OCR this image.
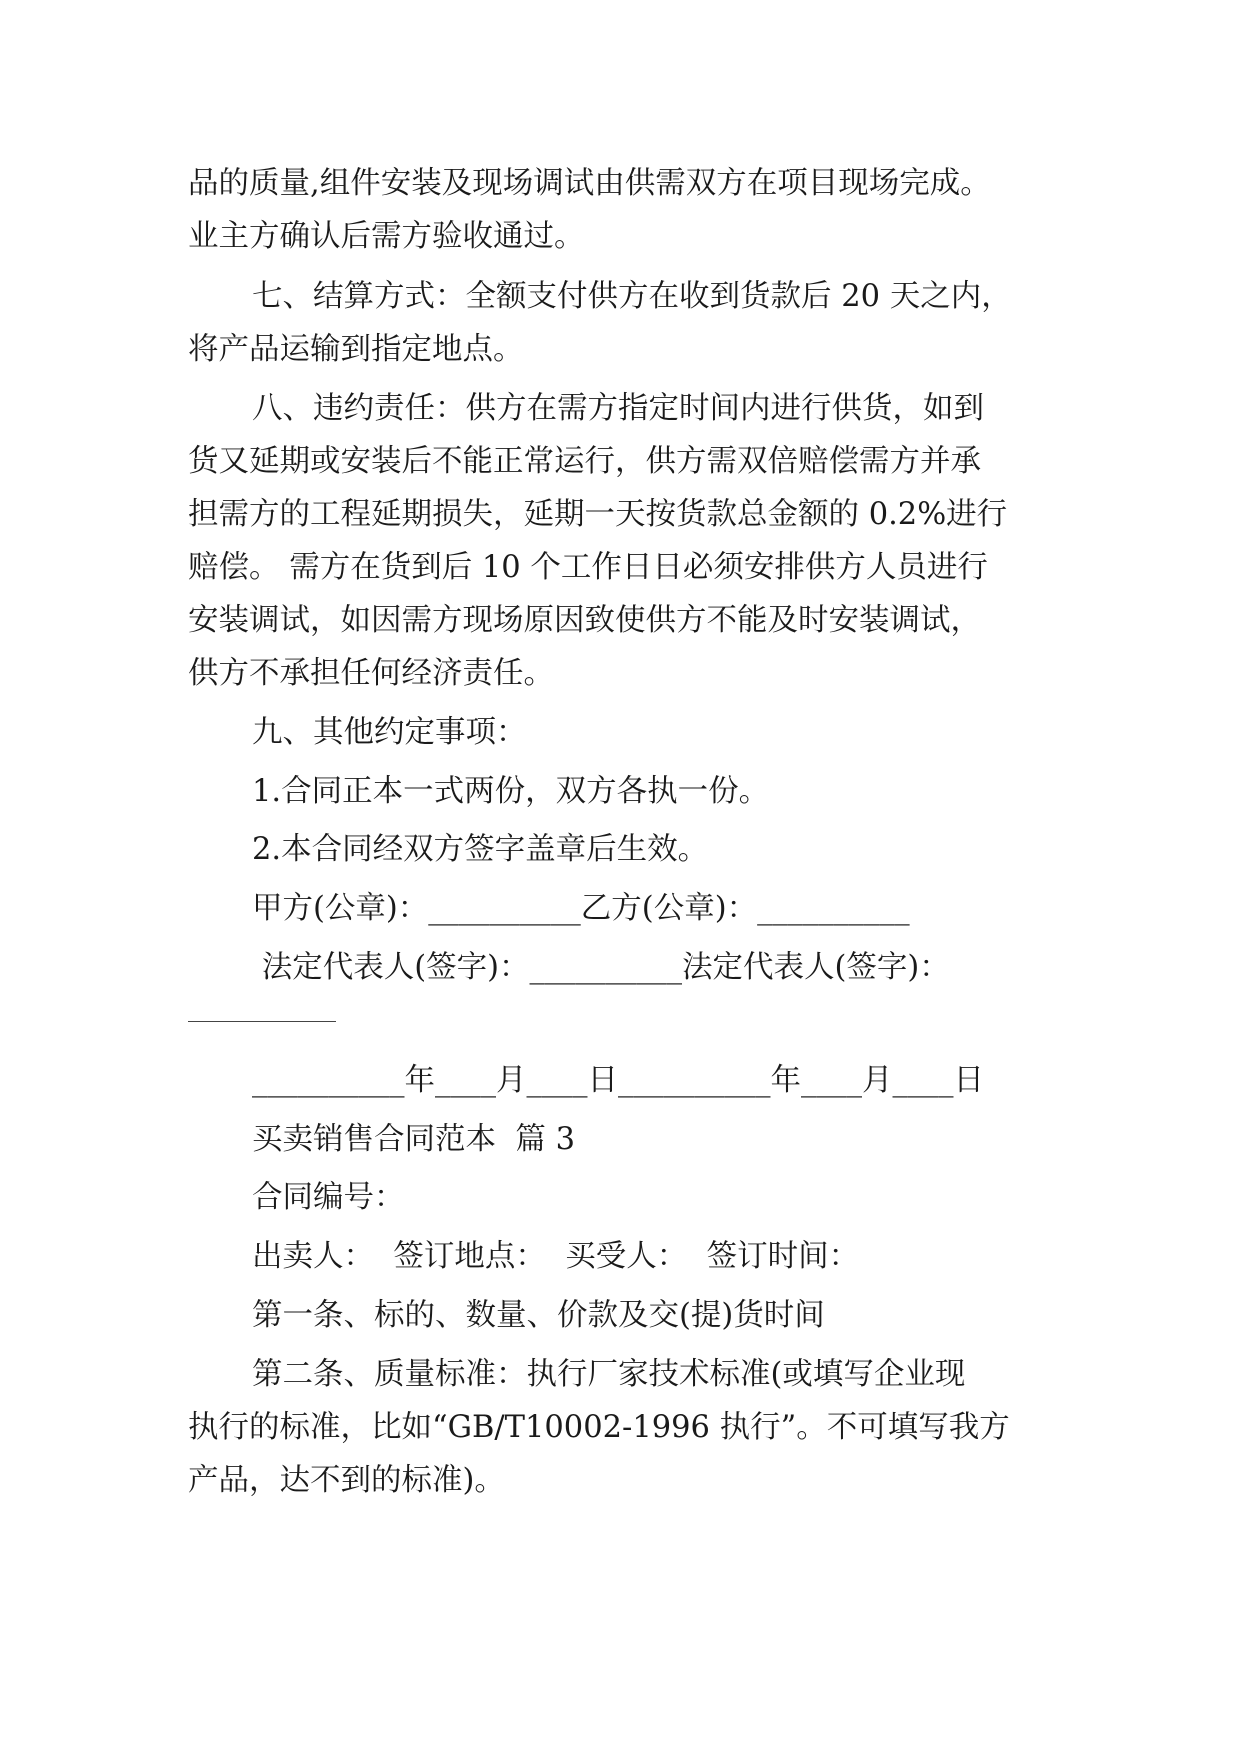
品的质量,组件安装及现场调试由供需双方在项目现场完成。
业主方确认后需方验收通过。
七、结算方式：全额支付供方在收到货款后 20 天之内，
将产品运输到指定地点。
八、违约责任：供方在需方指定时间内进行供货，如到
货又延期或安装后不能正常运行，供方需双倍赔偿需方并承
担需方的工程延期损失，延期一天按货款总金额的 0.2%进行
赔偿。 需方在货到后 10 个工作日日必须安排供方人员进行
安装调试，如因需方现场原因致使供方不能及时安装调试，
供方不承担任何经济责任。
九、其他约定事项：
1.合同正本一式两份，双方各执一份。
2.本合同经双方签字盖章后生效。
甲方(公章)：__________乙方(公章)：__________
法定代表人(签字)：__________法定代表人(签字)：
__________年____月____日__________年____月____日
买卖销售合同范本  篇 3
合同编号：
出卖人：  签订地点：  买受人：  签订时间：
第一条、标的、数量、价款及交(提)货时间
第二条、质量标准：执行厂家技术标准(或填写企业现
执行的标准，比如“GB/T10002-1996 执行”。不可填写我方
产品，达不到的标准)。
